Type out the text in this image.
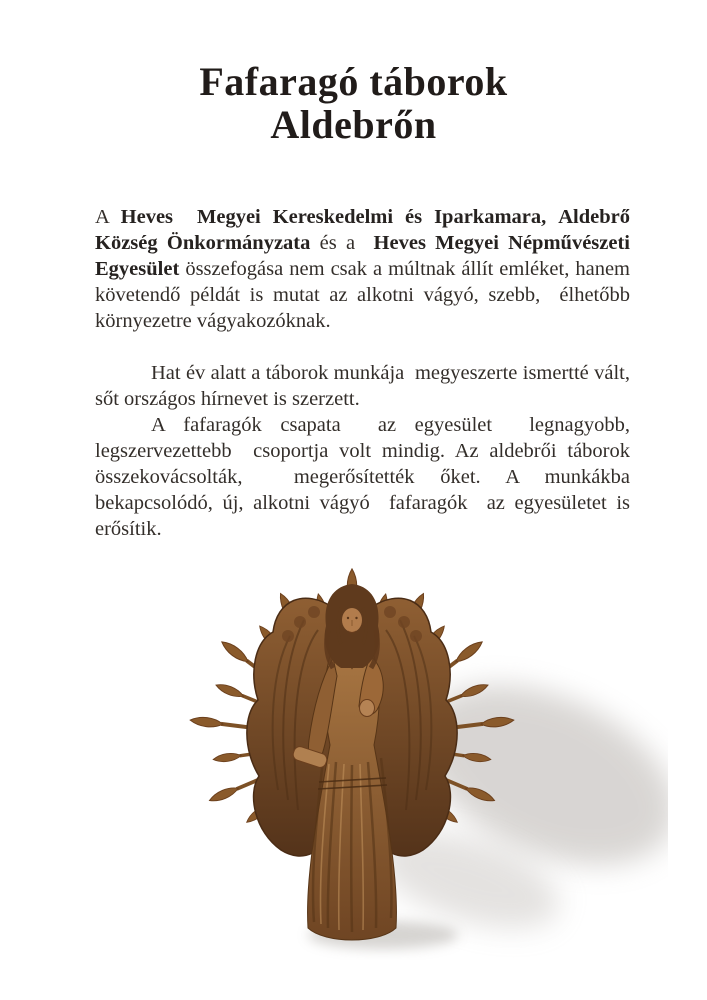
Fafaragó táborok
Aldebrőn

A Heves  Megyei Kereskedelmi és Iparkamara, Aldebrő Község Önkormányzata és a  Heves Megyei Népművészeti Egyesület összefogása nem csak a múltnak állít emléket, hanem követendő példát is mutat az alkotni vágyó, szebb,  élhetőbb környezetre vágyakozóknak.

Hat év alatt a táborok munkája  megyeszerte ismertté vált, sőt országos hírnevet is szerzett.

A fafaragók csapata  az egyesület  legnagyobb, legszervezettebb  csoportja volt mindig. Az aldebrői táborok összekovácsolták,  megerősítették őket. A munkákba bekapcsolódó, új, alkotni vágyó  fafaragók  az egyesületet is erősítik.
